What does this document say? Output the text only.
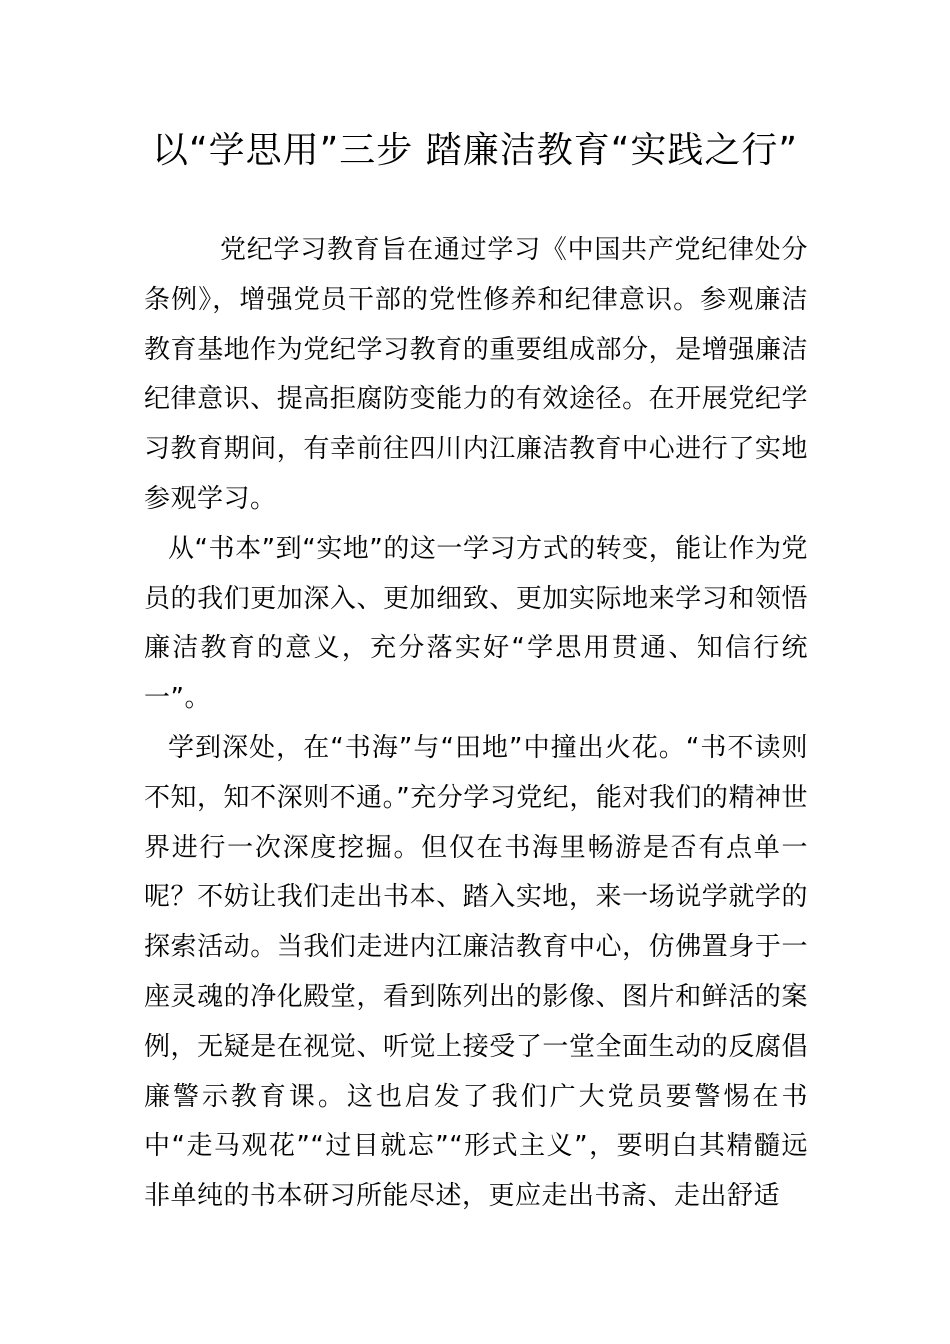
以“学思用”三步 踏廉洁教育“实践之行”

党纪学习教育旨在通过学习《中国共产党纪律处分条例》，增强党员干部的党性修养和纪律意识。参观廉洁教育基地作为党纪学习教育的重要组成部分，是增强廉洁纪律意识、提高拒腐防变能力的有效途径。在开展党纪学习教育期间，有幸前往四川内江廉洁教育中心进行了实地参观学习。

从“书本”到“实地”的这一学习方式的转变，能让作为党员的我们更加深入、更加细致、更加实际地来学习和领悟廉洁教育的意义，充分落实好“学思用贯通、知信行统一”。

学到深处，在“书海”与“田地”中撞出火花。“书不读则不知，知不深则不通。”充分学习党纪，能对我们的精神世界进行一次深度挖掘。但仅在书海里畅游是否有点单一呢？不妨让我们走出书本、踏入实地，来一场说学就学的探索活动。当我们走进内江廉洁教育中心，仿佛置身于一座灵魂的净化殿堂，看到陈列出的影像、图片和鲜活的案例，无疑是在视觉、听觉上接受了一堂全面生动的反腐倡廉警示教育课。这也启发了我们广大党员要警惕在书中“走马观花”“过目就忘”“形式主义”，要明白其精髓远非单纯的书本研习所能尽述，更应走出书斋、走出舒适
